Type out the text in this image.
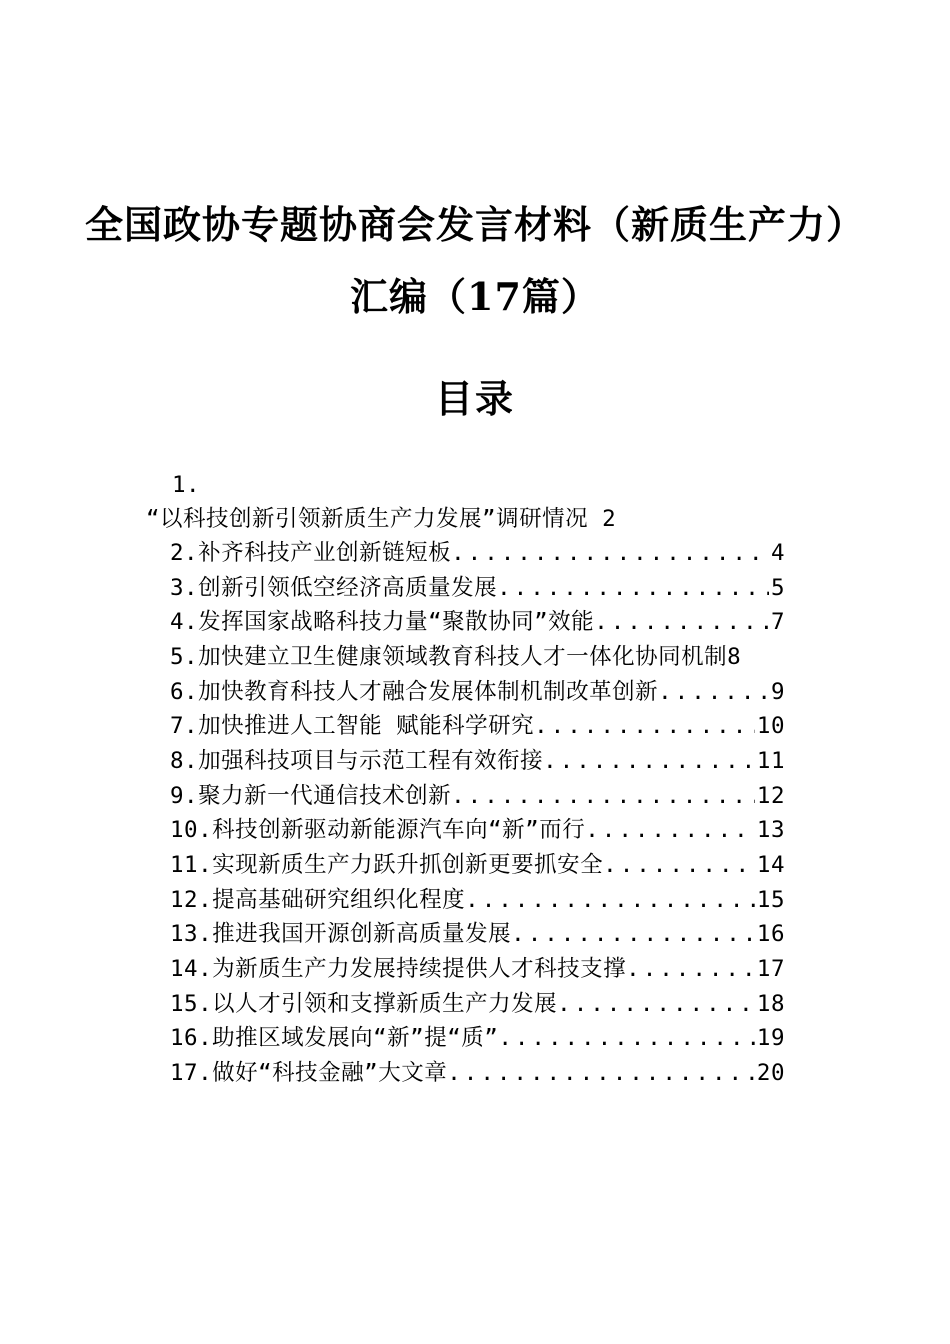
全国政协专题协商会发言材料（新质生产力）
汇编（17篇）
目录
1.
“以科技创新引领新质生产力发展”调研情况 2
2. 补齐科技产业创新链短板 .....	4
3. 创新引领低空经济高质量发展 .....	5
4. 发挥国家战略科技力量“聚散协同”效能 .....	7
5. 加快建立卫生健康领域教育科技人才一体化协同机制 8
6. 加快教育科技人才融合发展体制机制改革创新 .....	9
7. 加快推进人工智能 赋能科学研究 .....	10
8. 加强科技项目与示范工程有效衔接 .....	11
9. 聚力新一代通信技术创新 .....	12
10. 科技创新驱动新能源汽车向“新”而行 .....	13
11. 实现新质生产力跃升抓创新更要抓安全 .....	14
12. 提高基础研究组织化程度 .....	15
13. 推进我国开源创新高质量发展 .....	16
14. 为新质生产力发展持续提供人才科技支撑 .....	17
15. 以人才引领和支撑新质生产力发展 .....	18
16. 助推区域发展向“新”提“质” .....	19
17. 做好“科技金融”大文章 .....	20
